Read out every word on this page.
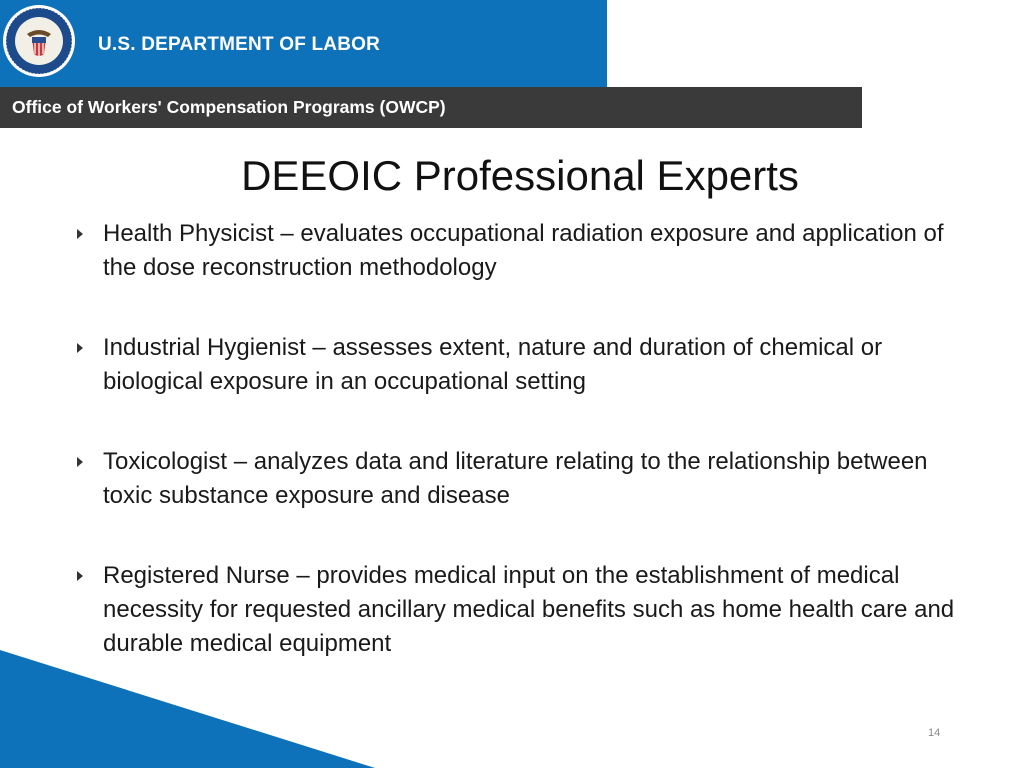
U.S. DEPARTMENT OF LABOR
Office of Workers' Compensation Programs (OWCP)
DEEOIC Professional Experts
Health Physicist – evaluates occupational radiation exposure and application of the dose reconstruction methodology
Industrial Hygienist – assesses extent, nature and duration of chemical or biological exposure in an occupational setting
Toxicologist – analyzes data and literature relating to the relationship between toxic substance exposure and disease
Registered Nurse – provides medical input on the establishment of medical necessity for requested ancillary medical benefits such as home health care and durable medical equipment
14
